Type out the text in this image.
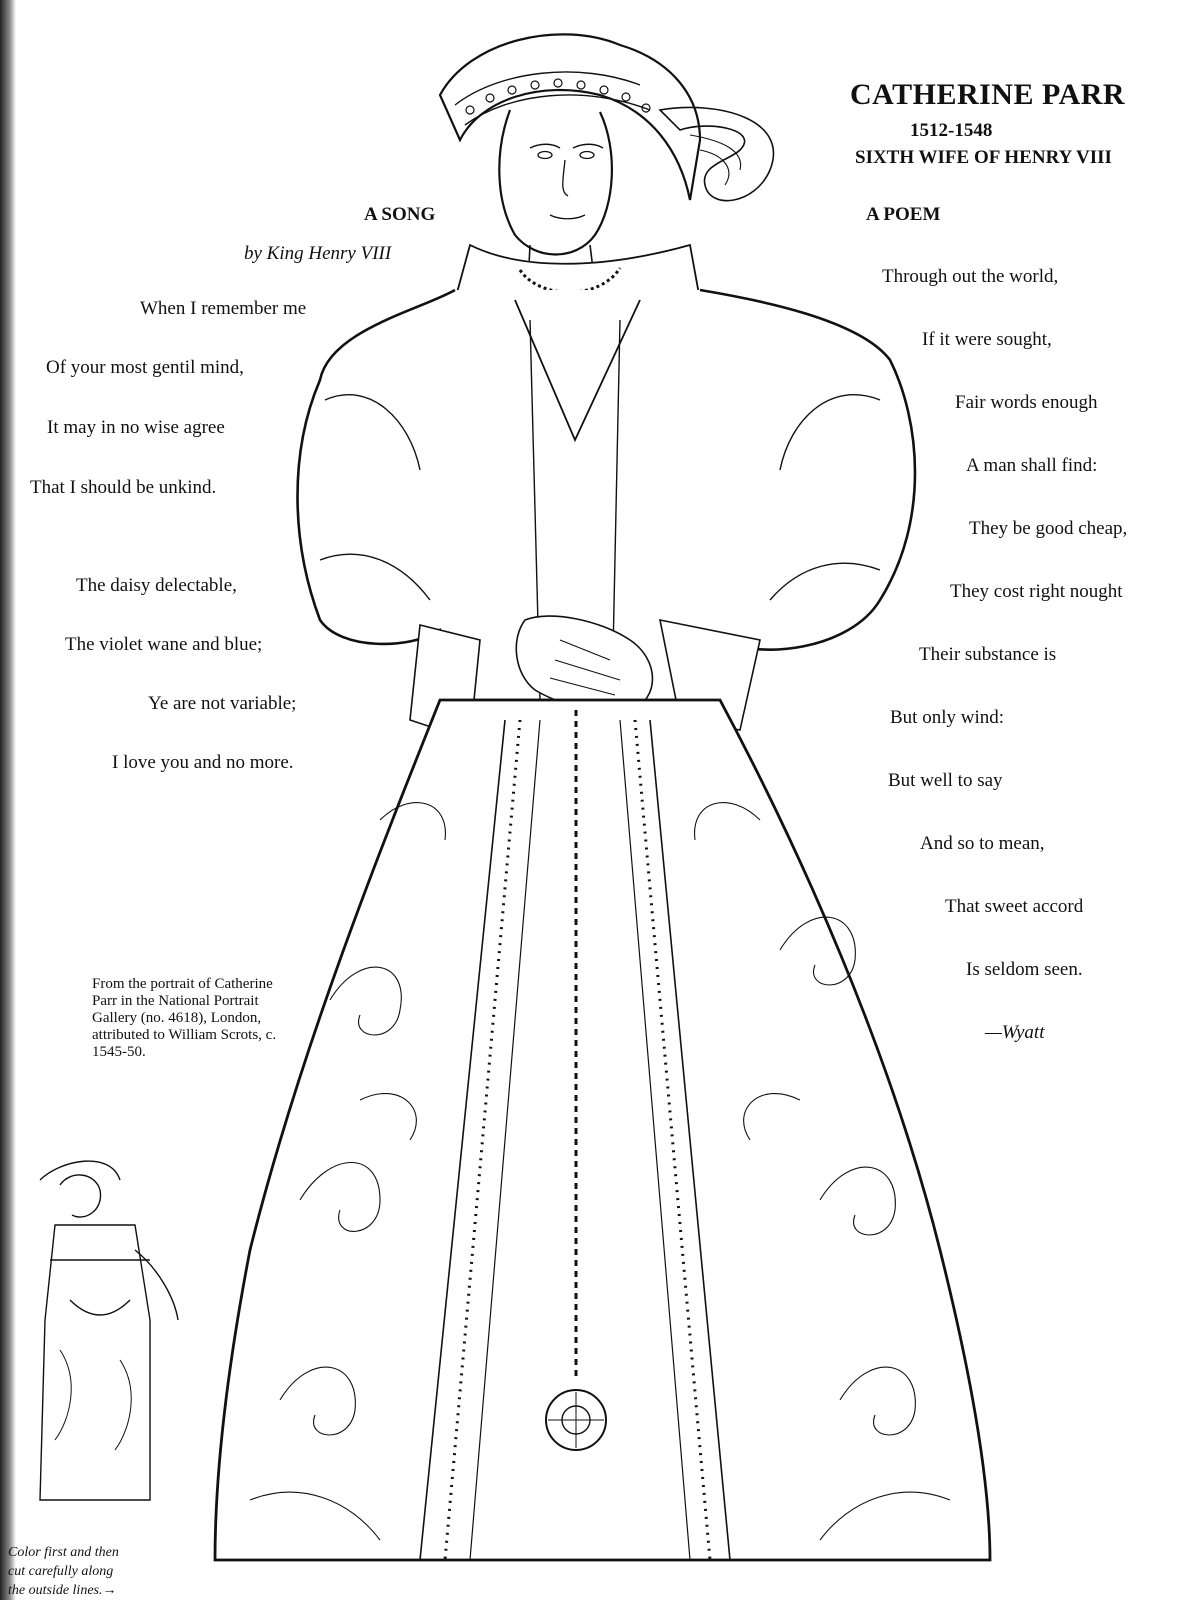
CATHERINE PARR
1512-1548
SIXTH WIFE OF HENRY VIII
A SONG
by King Henry VIII
When I remember me
Of your most gentil mind,
It may in no wise agree
That I should be unkind.
The daisy delectable,
The violet wane and blue;
Ye are not variable;
I love you and no more.
A POEM
Through out the world,
If it were sought,
Fair words enough
A man shall find:
They be good cheap,
They cost right nought
Their substance is
But only wind:
But well to say
And so to mean,
That sweet accord
Is seldom seen.
—Wyatt
From the portrait of Catherine Parr in the National Portrait Gallery (no. 4618), London, attributed to William Scrots, c. 1545-50.
Color first and then
cut carefully along
the outside lines.→
